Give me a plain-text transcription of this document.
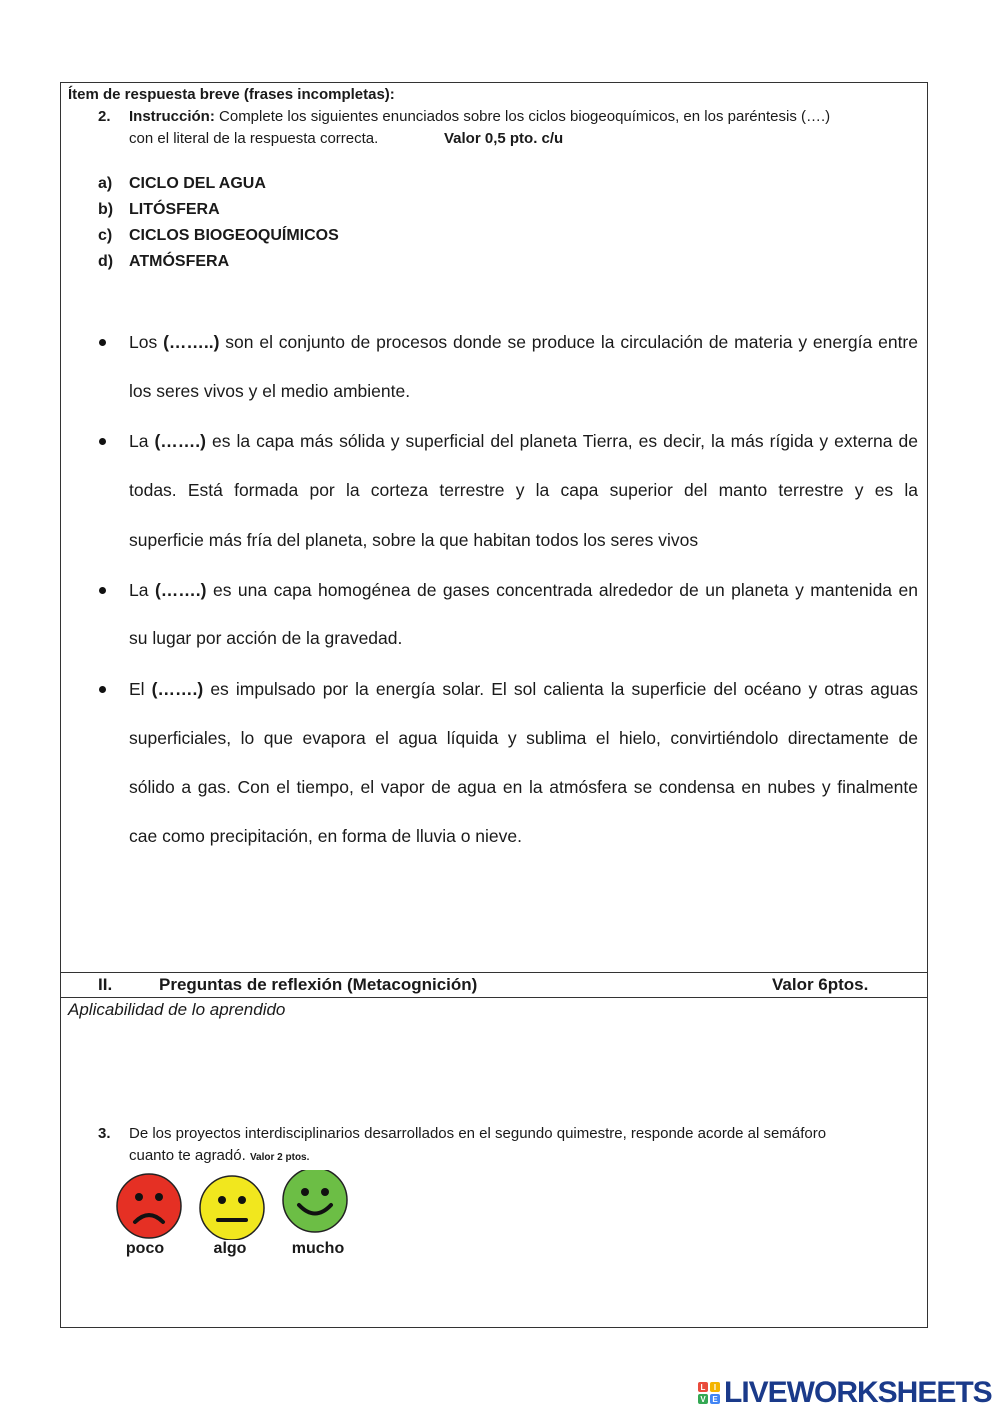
Ítem de respuesta breve (frases incompletas):
2. Instrucción: Complete los siguientes enunciados sobre los ciclos biogeoquímicos, en los paréntesis (….)
con el literal de la respuesta correcta.	Valor 0,5 pto. c/u
a) CICLO DEL AGUA
b) LITÓSFERA
c) CICLOS BIOGEOQUÍMICOS
d) ATMÓSFERA
Los (……..) son el conjunto de procesos donde se produce la circulación de materia y energía entre
los seres vivos y el medio ambiente.
La (…….) es la capa más sólida y superficial del planeta Tierra, es decir, la más rígida y externa de
todas. Está formada por la corteza terrestre y la capa superior del manto terrestre y es la
superficie más fría del planeta, sobre la que habitan todos los seres vivos
La (…….) es una capa homogénea de gases concentrada alrededor de un planeta y mantenida en
su lugar por acción de la gravedad.
El (…….) es impulsado por la energía solar. El sol calienta la superficie del océano y otras aguas
superficiales, lo que evapora el agua líquida y sublima el hielo, convirtiéndolo directamente de
sólido a gas. Con el tiempo, el vapor de agua en la atmósfera se condensa en nubes y finalmente
cae como precipitación, en forma de lluvia o nieve.
II.	Preguntas de reflexión (Metacognición)	Valor 6ptos.
Aplicabilidad de lo aprendido
3. De los proyectos interdisciplinarios desarrollados en el segundo quimestre, responde acorde al semáforo
cuanto te agradó. Valor 2 ptos.
poco	algo	mucho
L	I
V E LIVEWORKSHEETS
